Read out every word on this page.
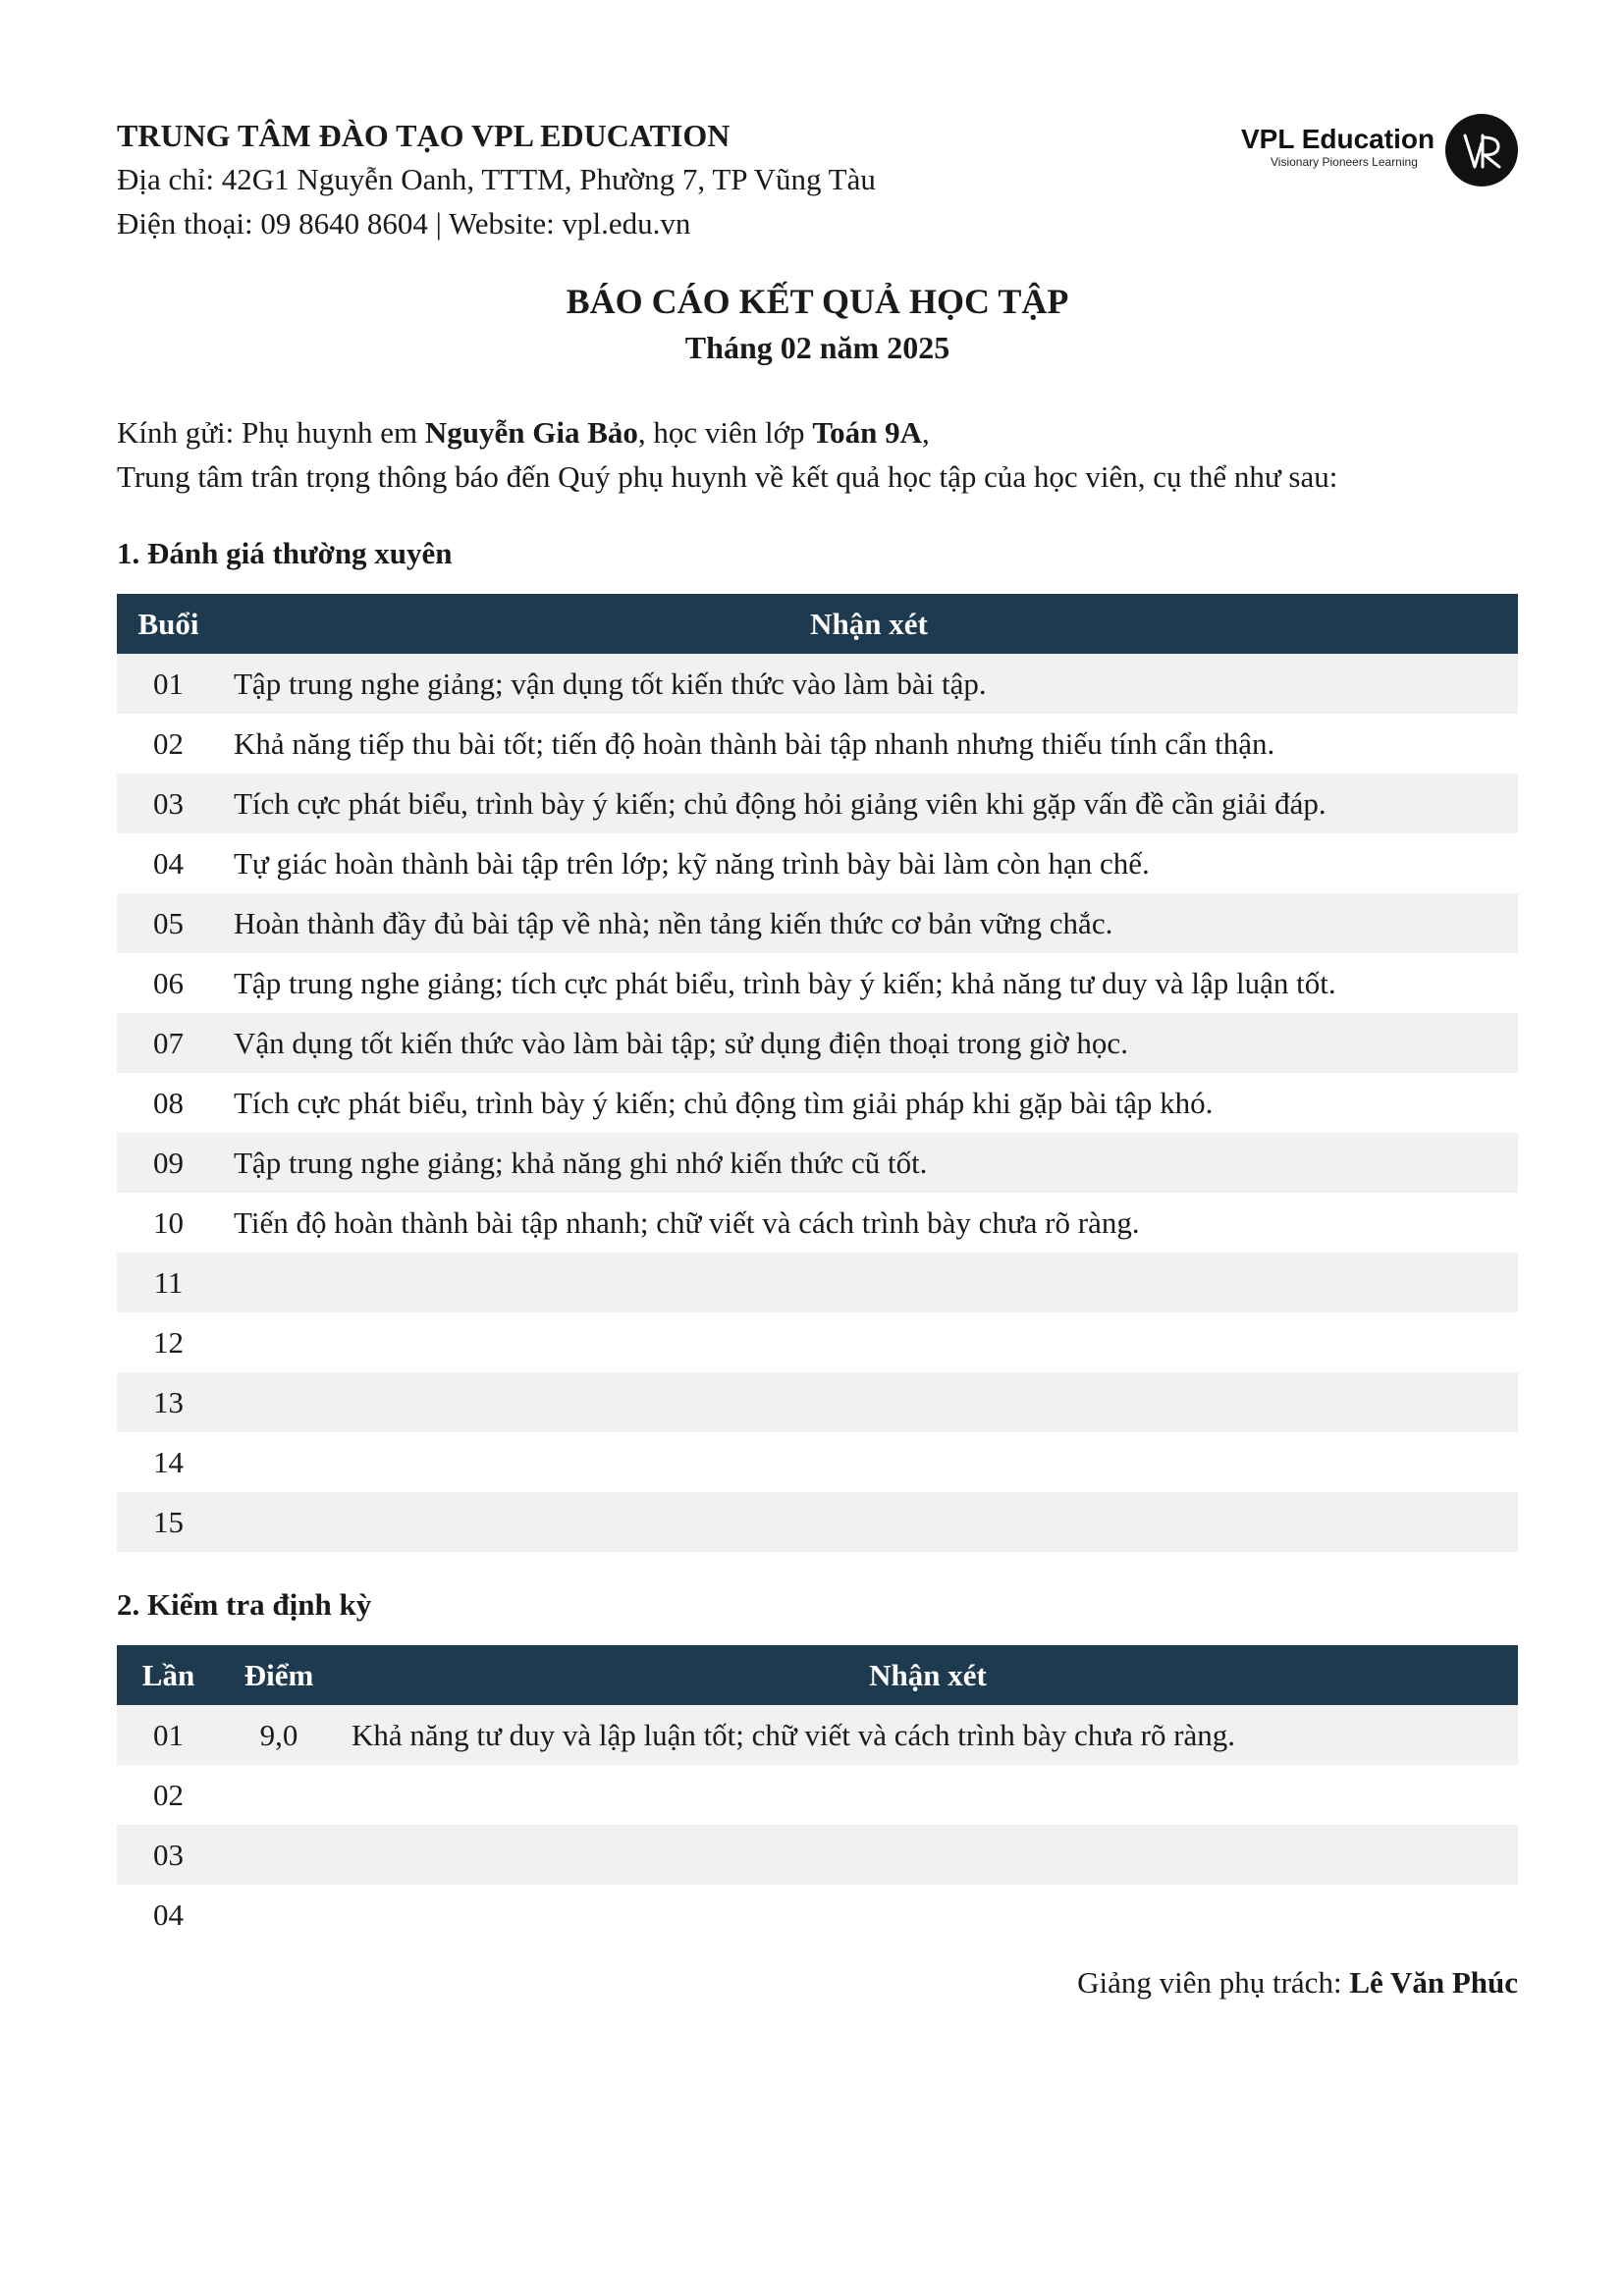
TRUNG TÂM ĐÀO TẠO VPL EDUCATION
Địa chỉ: 42G1 Nguyễn Oanh, TTTM, Phường 7, TP Vũng Tàu
Điện thoại: 09 8640 8604 | Website: vpl.edu.vn
VPL Education
Visionary Pioneers Learning
BÁO CÁO KẾT QUẢ HỌC TẬP
Tháng 02 năm 2025
Kính gửi: Phụ huynh em Nguyễn Gia Bảo, học viên lớp Toán 9A,
Trung tâm trân trọng thông báo đến Quý phụ huynh về kết quả học tập của học viên, cụ thể như sau:
1. Đánh giá thường xuyên
Buổi	Nhận xét
01	Tập trung nghe giảng; vận dụng tốt kiến thức vào làm bài tập.
02	Khả năng tiếp thu bài tốt; tiến độ hoàn thành bài tập nhanh nhưng thiếu tính cẩn thận.
03	Tích cực phát biểu, trình bày ý kiến; chủ động hỏi giảng viên khi gặp vấn đề cần giải đáp.
04	Tự giác hoàn thành bài tập trên lớp; kỹ năng trình bày bài làm còn hạn chế.
05	Hoàn thành đầy đủ bài tập về nhà; nền tảng kiến thức cơ bản vững chắc.
06	Tập trung nghe giảng; tích cực phát biểu, trình bày ý kiến; khả năng tư duy và lập luận tốt.
07	Vận dụng tốt kiến thức vào làm bài tập; sử dụng điện thoại trong giờ học.
08	Tích cực phát biểu, trình bày ý kiến; chủ động tìm giải pháp khi gặp bài tập khó.
09	Tập trung nghe giảng; khả năng ghi nhớ kiến thức cũ tốt.
10	Tiến độ hoàn thành bài tập nhanh; chữ viết và cách trình bày chưa rõ ràng.
11	
12	
13	
14	
15	
2. Kiểm tra định kỳ
Lần	Điểm	Nhận xét
01	9,0	Khả năng tư duy và lập luận tốt; chữ viết và cách trình bày chưa rõ ràng.
02		
03		
04		
Giảng viên phụ trách: Lê Văn Phúc
